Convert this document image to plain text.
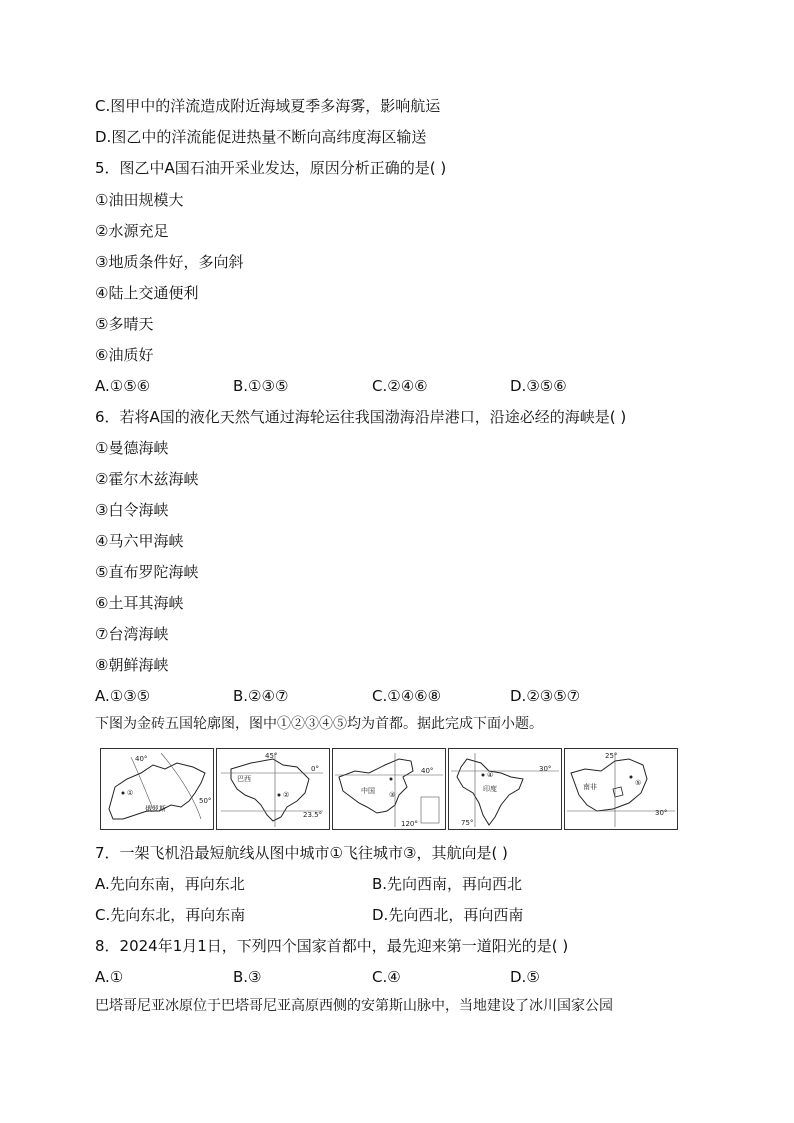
C.图甲中的洋流造成附近海域夏季多海雾，影响航运
D.图乙中的洋流能促进热量不断向高纬度海区输送
5．图乙中A国石油开采业发达，原因分析正确的是( )
①油田规模大
②水源充足
③地质条件好，多向斜
④陆上交通便利
⑤多晴天
⑥油质好
A.①⑤⑥	B.①③⑤	C.②④⑥	D.③⑤⑥
6．若将A国的液化天然气通过海轮运往我国渤海沿岸港口，沿途必经的海峡是( )
①曼德海峡
②霍尔木兹海峡
③白令海峡
④马六甲海峡
⑤直布罗陀海峡
⑥土耳其海峡
⑦台湾海峡
⑧朝鲜海峡
A.①③⑤	B.②④⑦	C.①④⑥⑧	D.②③⑤⑦
下图为金砖五国轮廓图，图中①②③④⑤均为首都。据此完成下面小题。
40°
50°
①
俄罗斯
45°
0°
23.5°
②
巴西
40°
120°
③
中国
30°
75°
④
印度
25°
30°
⑤
南非
7．一架飞机沿最短航线从图中城市①飞往城市③，其航向是( )
A.先向东南，再向东北	B.先向西南，再向西北
C.先向东北，再向东南	D.先向西北，再向西南
8．2024年1月1日，下列四个国家首都中，最先迎来第一道阳光的是( )
A.①	B.③	C.④	D.⑤
巴塔哥尼亚冰原位于巴塔哥尼亚高原西侧的安第斯山脉中，当地建设了冰川国家公园
